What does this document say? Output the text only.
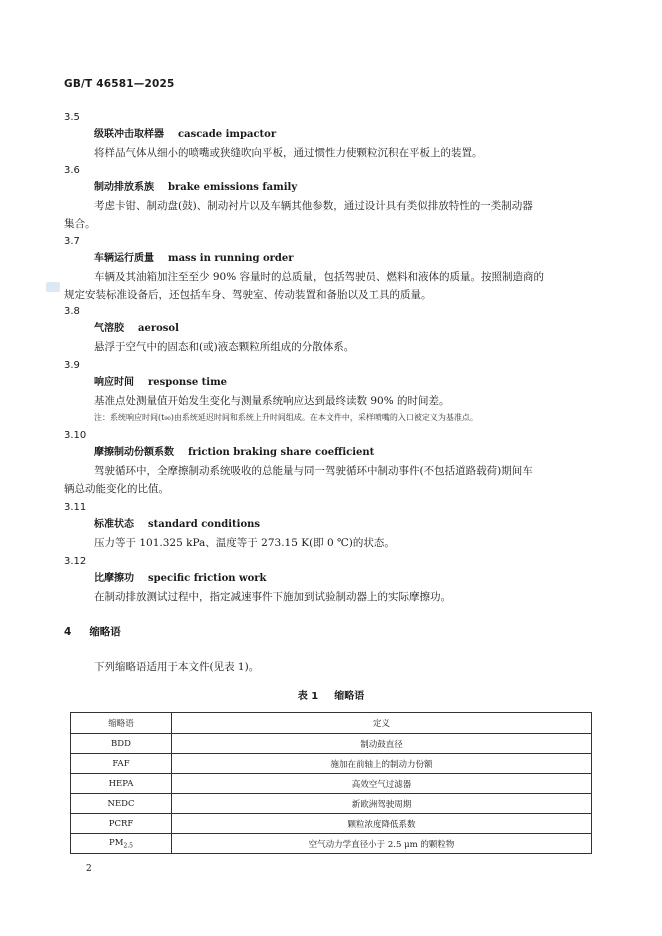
GB/T 46581—2025
3.5
级联冲击取样器 cascade impactor
将样品气体从细小的喷嘴或狭缝吹向平板，通过惯性力使颗粒沉积在平板上的装置。
3.6
制动排放系族 brake emissions family
考虑卡钳、制动盘(鼓)、制动衬片以及车辆其他参数，通过设计具有类似排放特性的一类制动器
集合。
3.7
车辆运行质量 mass in running order
车辆及其油箱加注至至少 90% 容量时的总质量，包括驾驶员、燃料和液体的质量。按照制造商的
规定安装标准设备后，还包括车身、驾驶室、传动装置和备胎以及工具的质量。
3.8
气溶胶 aerosol
悬浮于空气中的固态和(或)液态颗粒所组成的分散体系。
3.9
响应时间 response time
基准点处测量值开始发生变化与测量系统响应达到最终读数 90% 的时间差。
注：系统响应时间(t₉₀)由系统延迟时间和系统上升时间组成。在本文件中，采样喷嘴的入口被定义为基准点。
3.10
摩擦制动份额系数 friction braking share coefficient
驾驶循环中，全摩擦制动系统吸收的总能量与同一驾驶循环中制动事件(不包括道路载荷)期间车
辆总动能变化的比值。
3.11
标准状态 standard conditions
压力等于 101.325 kPa、温度等于 273.15 K(即 0 ℃)的状态。
3.12
比摩擦功 specific friction work
在制动排放测试过程中，指定减速事件下施加到试验制动器上的实际摩擦功。
4 缩略语
下列缩略语适用于本文件(见表 1)。
表 1 缩略语
缩略语	定义
BDD	制动鼓直径
FAF	施加在前轴上的制动力份额
HEPA	高效空气过滤器
NEDC	新欧洲驾驶周期
PCRF	颗粒浓度降低系数
$PM_{2.5}$	空气动力学直径小于 2.5 μm 的颗粒物
2
